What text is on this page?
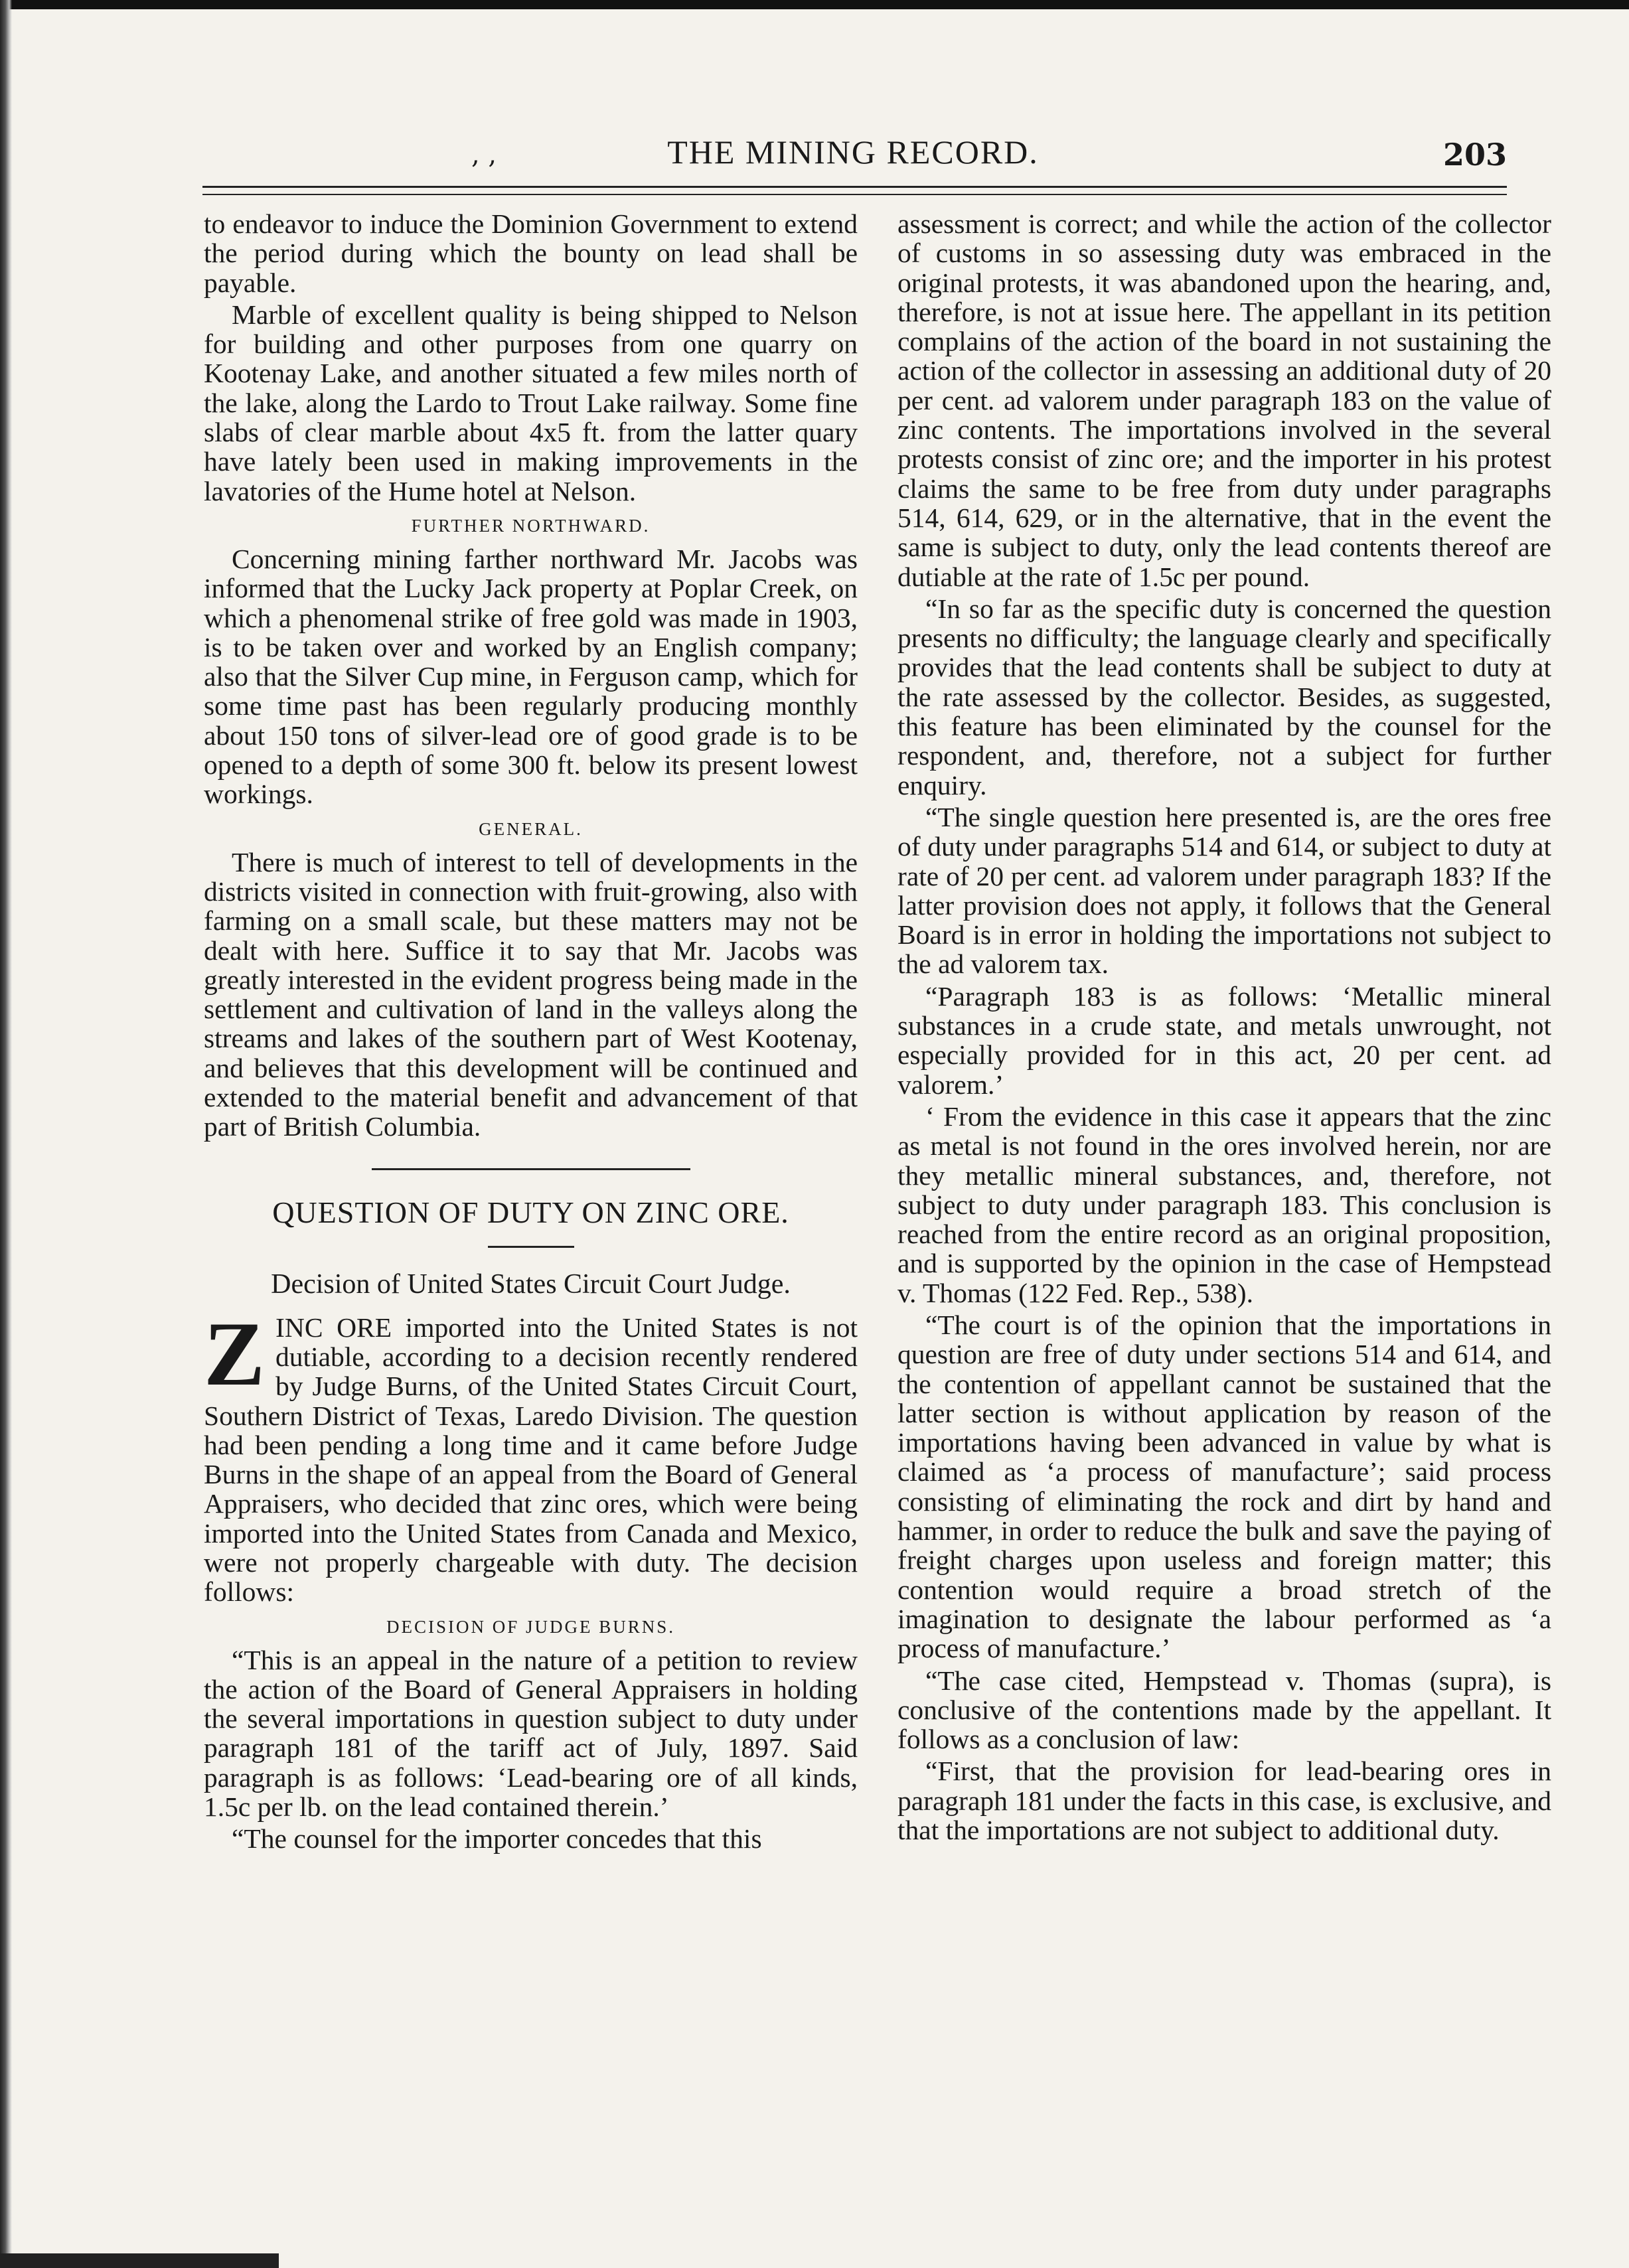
, ,	THE MINING RECORD.	203

to endeavor to induce the Dominion Government to extend the period during which the bounty on lead shall be payable.

Marble of excellent quality is being shipped to Nelson for building and other purposes from one quarry on Kootenay Lake, and another situated a few miles north of the lake, along the Lardo to Trout Lake railway. Some fine slabs of clear marble about 4x5 ft. from the latter quary have lately been used in making improvements in the lavatories of the Hume hotel at Nelson.

FURTHER NORTHWARD.

Concerning mining farther northward Mr. Jacobs was informed that the Lucky Jack property at Poplar Creek, on which a phenomenal strike of free gold was made in 1903, is to be taken over and worked by an English company; also that the Silver Cup mine, in Ferguson camp, which for some time past has been regularly producing monthly about 150 tons of silver-lead ore of good grade is to be opened to a depth of some 300 ft. below its present lowest workings.

GENERAL.

There is much of interest to tell of developments in the districts visited in connection with fruit-growing, also with farming on a small scale, but these matters may not be dealt with here. Suffice it to say that Mr. Jacobs was greatly interested in the evident progress being made in the settlement and cultivation of land in the valleys along the streams and lakes of the southern part of West Kootenay, and believes that this development will be continued and extended to the material benefit and advancement of that part of British Columbia.

QUESTION OF DUTY ON ZINC ORE.
Decision of United States Circuit Court Judge.

ZINC ORE imported into the United States is not dutiable, according to a decision recently rendered by Judge Burns, of the United States Circuit Court, Southern District of Texas, Laredo Division. The question had been pending a long time and it came before Judge Burns in the shape of an appeal from the Board of General Appraisers, who decided that zinc ores, which were being imported into the United States from Canada and Mexico, were not properly chargeable with duty. The decision follows:

DECISION OF JUDGE BURNS.

“This is an appeal in the nature of a petition to review the action of the Board of General Appraisers in holding the several importations in question subject to duty under paragraph 181 of the tariff act of July, 1897. Said paragraph is as follows: ‘Lead-bearing ore of all kinds, 1.5c per lb. on the lead contained therein.’

“The counsel for the importer concedes that this

assessment is correct; and while the action of the collector of customs in so assessing duty was embraced in the original protests, it was abandoned upon the hearing, and, therefore, is not at issue here. The appellant in its petition complains of the action of the board in not sustaining the action of the collector in assessing an additional duty of 20 per cent. ad valorem under paragraph 183 on the value of zinc contents. The importations involved in the several protests consist of zinc ore; and the importer in his protest claims the same to be free from duty under paragraphs 514, 614, 629, or in the alternative, that in the event the same is subject to duty, only the lead contents thereof are dutiable at the rate of 1.5c per pound.

“In so far as the specific duty is concerned the question presents no difficulty; the language clearly and specifically provides that the lead contents shall be subject to duty at the rate assessed by the collector. Besides, as suggested, this feature has been eliminated by the counsel for the respondent, and, therefore, not a subject for further enquiry.

“The single question here presented is, are the ores free of duty under paragraphs 514 and 614, or subject to duty at rate of 20 per cent. ad valorem under paragraph 183? If the latter provision does not apply, it follows that the General Board is in error in holding the importations not subject to the ad valorem tax.

“Paragraph 183 is as follows: ‘Metallic mineral substances in a crude state, and metals unwrought, not especially provided for in this act, 20 per cent. ad valorem.’

‘ From the evidence in this case it appears that the zinc as metal is not found in the ores involved herein, nor are they metallic mineral substances, and, therefore, not subject to duty under paragraph 183. This conclusion is reached from the entire record as an original proposition, and is supported by the opinion in the case of Hempstead v. Thomas (122 Fed. Rep., 538).

“The court is of the opinion that the importations in question are free of duty under sections 514 and 614, and the contention of appellant cannot be sustained that the latter section is without application by reason of the importations having been advanced in value by what is claimed as ‘a process of manufacture’; said process consisting of eliminating the rock and dirt by hand and hammer, in order to reduce the bulk and save the paying of freight charges upon useless and foreign matter; this contention would require a broad stretch of the imagination to designate the labour performed as ‘a process of manufacture.’

“The case cited, Hempstead v. Thomas (supra), is conclusive of the contentions made by the appellant. It follows as a conclusion of law:

“First, that the provision for lead-bearing ores in paragraph 181 under the facts in this case, is exclusive, and that the importations are not subject to additional duty.
